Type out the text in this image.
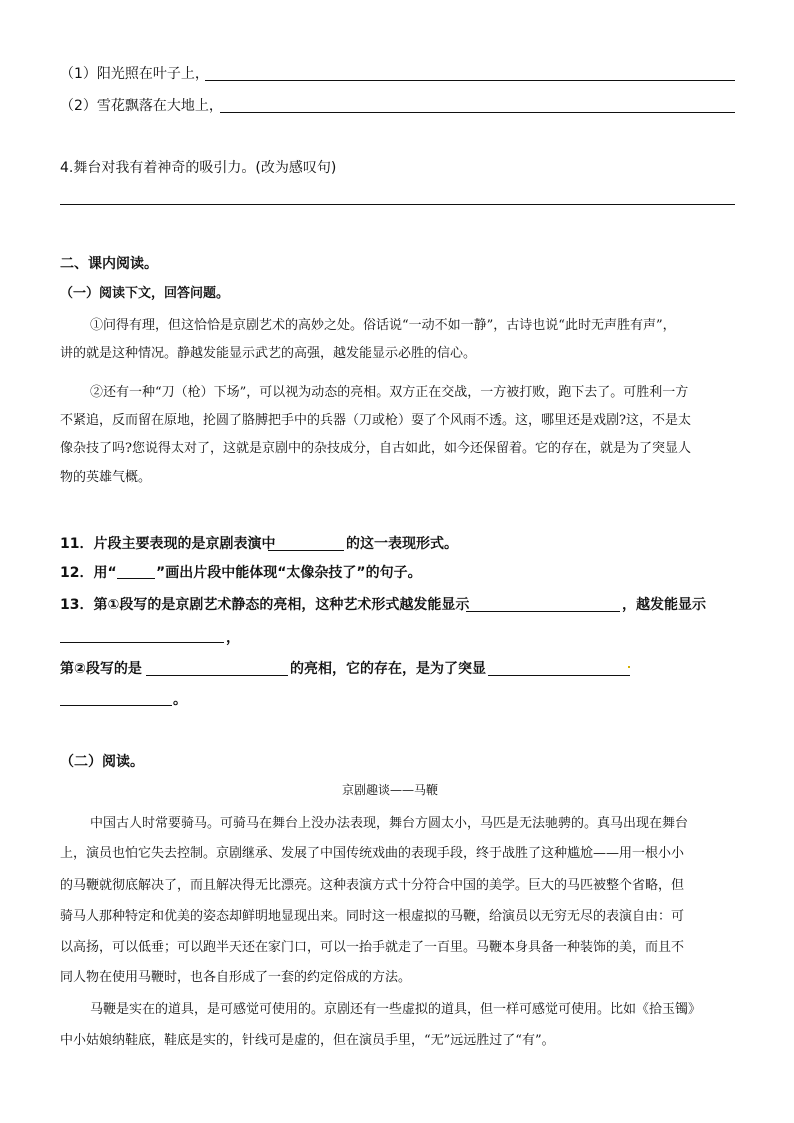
（1）阳光照在叶子上，
（2）雪花飘落在大地上，
4.舞台对我有着神奇的吸引力。(改为感叹句)
二、课内阅读。
（一）阅读下文，回答问题。
①问得有理，但这恰恰是京剧艺术的高妙之处。俗话说“一动不如一静”，古诗也说“此时无声胜有声”，
讲的就是这种情况。静越发能显示武艺的高强，越发能显示必胜的信心。
②还有一种“刀（枪）下场”，可以视为动态的亮相。双方正在交战，一方被打败，跑下去了。可胜利一方
不紧追，反而留在原地，抡圆了胳膊把手中的兵器（刀或枪）耍了个风雨不透。这，哪里还是戏剧?这，不是太
像杂技了吗?您说得太对了，这就是京剧中的杂技成分，自古如此，如今还保留着。它的存在，就是为了突显人
物的英雄气概。
11．片段主要表现的是京剧表演中	的这一表现形式。
12．用“	”画出片段中能体现“太像杂技了”的句子。
13．第①段写的是京剧艺术静态的亮相，这种艺术形式越发能显示	，越发能显示
，
第②段写的是	的亮相，它的存在，是为了突显
。
（二）阅读。
京剧趣谈——马鞭
中国古人时常要骑马。可骑马在舞台上没办法表现，舞台方圆太小，马匹是无法驰骋的。真马出现在舞台
上，演员也怕它失去控制。京剧继承、发展了中国传统戏曲的表现手段，终于战胜了这种尴尬——用一根小小
的马鞭就彻底解决了，而且解决得无比漂亮。这种表演方式十分符合中国的美学。巨大的马匹被整个省略，但
骑马人那种特定和优美的姿态却鲜明地显现出来。同时这一根虚拟的马鞭，给演员以无穷无尽的表演自由：可
以高扬，可以低垂；可以跑半天还在家门口，可以一抬手就走了一百里。马鞭本身具备一种装饰的美，而且不
同人物在使用马鞭时，也各自形成了一套的约定俗成的方法。
马鞭是实在的道具，是可感觉可使用的。京剧还有一些虚拟的道具，但一样可感觉可使用。比如《拾玉镯》
中小姑娘纳鞋底，鞋底是实的，针线可是虚的，但在演员手里，“无”远远胜过了“有”。
